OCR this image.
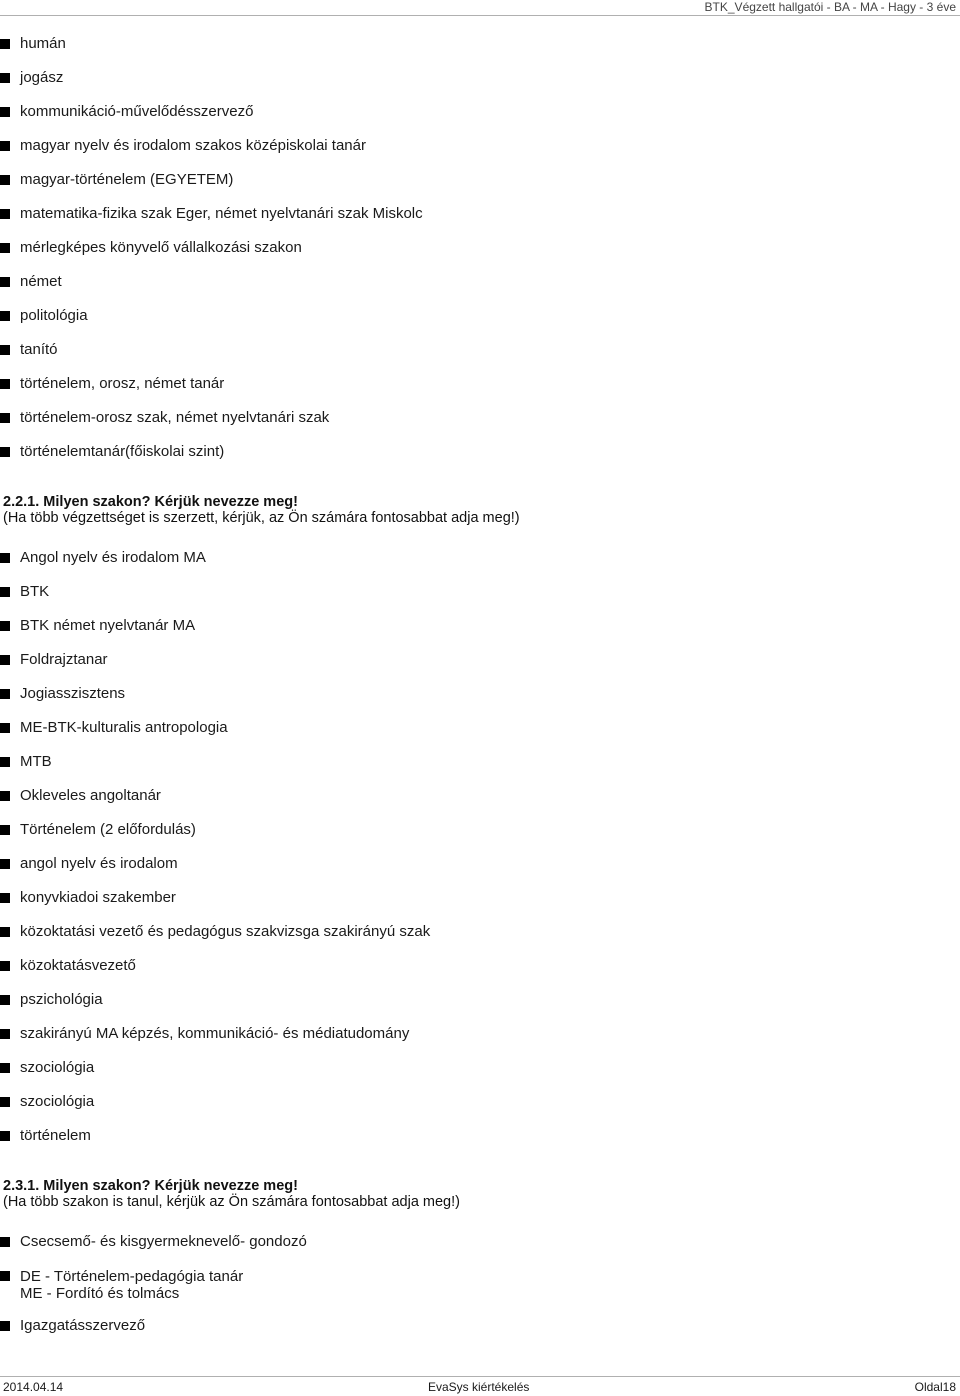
BTK_Végzett hallgatói - BA - MA - Hagy - 3 éve
humán
jogász
kommunikáció-művelődésszervező
magyar nyelv és irodalom szakos középiskolai tanár
magyar-történelem (EGYETEM)
matematika-fizika szak Eger, német nyelvtanári szak Miskolc
mérlegképes könyvelő vállalkozási szakon
német
politológia
tanító
történelem, orosz, német tanár
történelem-orosz szak, német nyelvtanári szak
történelemtanár(főiskolai szint)
2.2.1. Milyen szakon? Kérjük nevezze meg!
(Ha több végzettséget is szerzett, kérjük, az Ön számára fontosabbat adja meg!)
Angol nyelv és irodalom MA
BTK
BTK német nyelvtanár MA
Foldrajztanar
Jogiasszisztens
ME-BTK-kulturalis antropologia
MTB
Okleveles angoltanár
Történelem (2 előfordulás)
angol nyelv és irodalom
konyvkiadoi szakember
közoktatási vezető és pedagógus szakvizsga szakirányú szak
közoktatásvezető
pszichológia
szakirányú MA képzés, kommunikáció- és médiatudomány
szociológia
szociológia
történelem
2.3.1. Milyen szakon? Kérjük nevezze meg!
(Ha több szakon is tanul, kérjük az Ön számára fontosabbat adja meg!)
Csecsemő- és kisgyermeknevelő- gondozó
DE - Történelem-pedagógia tanár
ME - Fordító és tolmács
Igazgatásszervező
2014.04.14	EvaSys kiértékelés	Oldal18
